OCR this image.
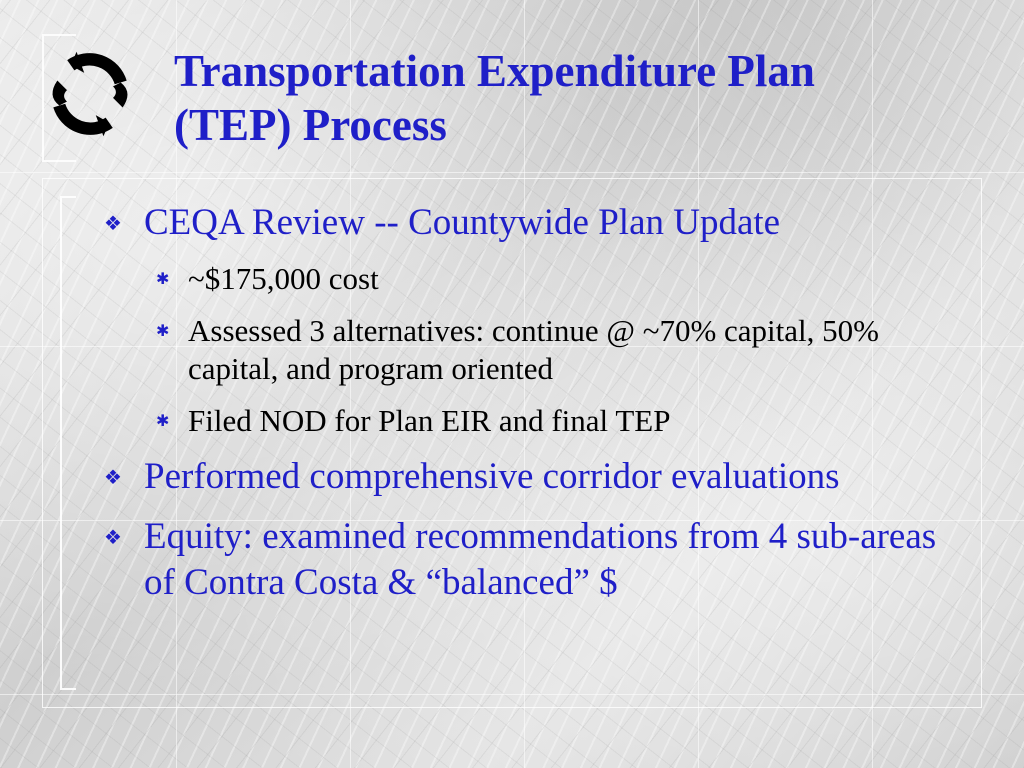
Transportation Expenditure Plan
(TEP) Process
❖ CEQA Review -- Countywide Plan Update
✱ ~$175,000 cost
✱ Assessed 3 alternatives: continue @ ~70% capital, 50% capital, and program oriented
✱ Filed NOD for Plan EIR and final TEP
❖ Performed comprehensive corridor evaluations
❖ Equity: examined recommendations from 4 sub-areas of Contra Costa & “balanced” $
